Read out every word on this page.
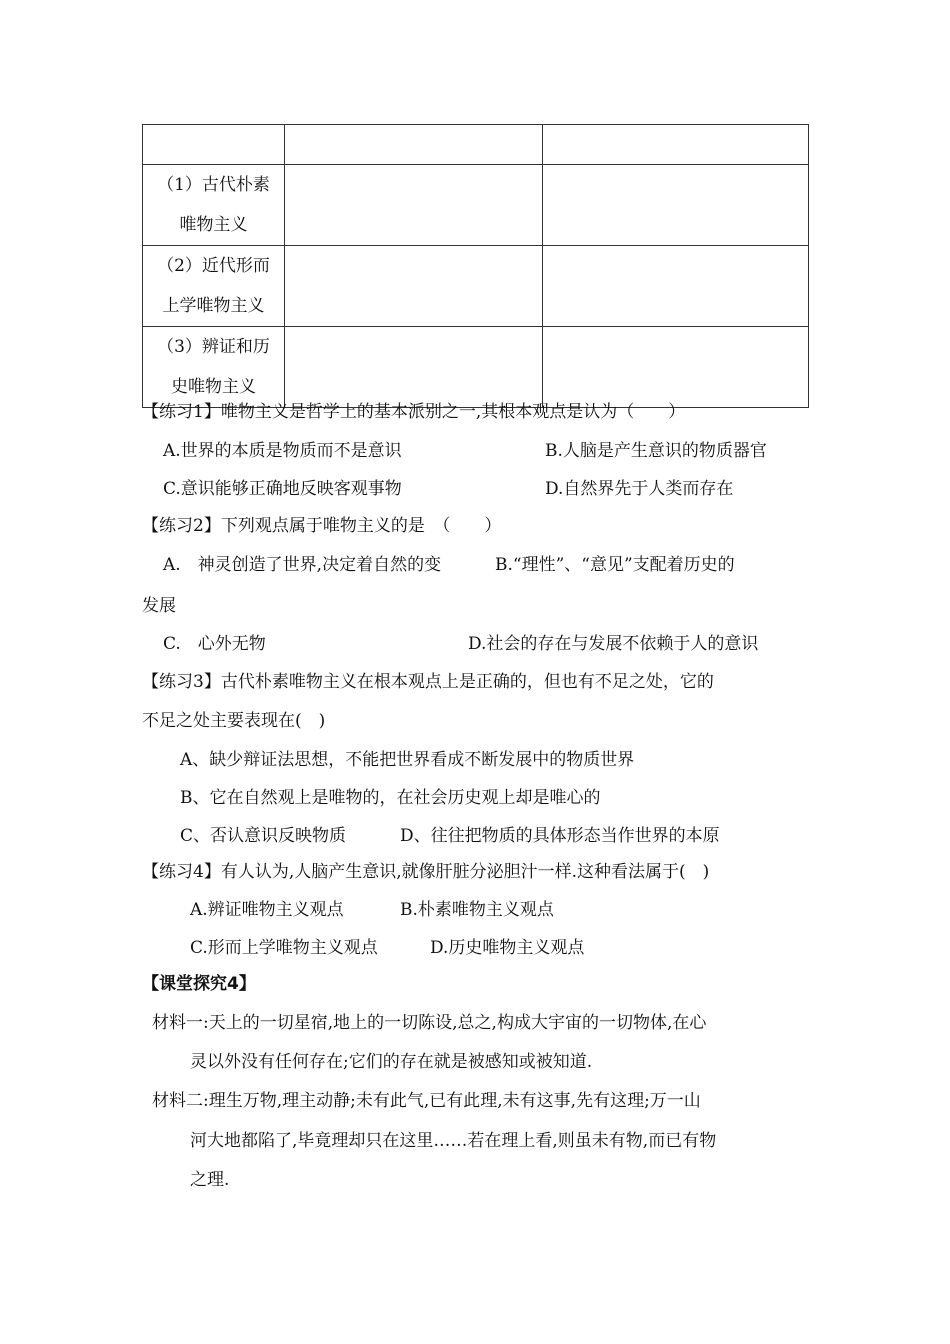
（1）古代朴素
唯物主义		

（2）近代形而
上学唯物主义		

（3）辨证和历
史唯物主义		

【练习1】唯物主义是哲学上的基本派别之一,其根本观点是认为（　　）
A.世界的本质是物质而不是意识	B.人脑是产生意识的物质器官
C.意识能够正确地反映客观事物	D.自然界先于人类而存在
【练习2】下列观点属于唯物主义的是　（　　）
A.　神灵创造了世界,决定着自然的变	B.“理性”、“意见”支配着历史的
发展
C.　心外无物	D.社会的存在与发展不依赖于人的意识
【练习3】古代朴素唯物主义在根本观点上是正确的，但也有不足之处，它的
不足之处主要表现在(　)
A、缺少辩证法思想，不能把世界看成不断发展中的物质世界
B、它在自然观上是唯物的，在社会历史观上却是唯心的
C、否认意识反映物质	D、往往把物质的具体形态当作世界的本原
【练习4】有人认为,人脑产生意识,就像肝脏分泌胆汁一样.这种看法属于(　)
A.辨证唯物主义观点	B.朴素唯物主义观点
C.形而上学唯物主义观点	D.历史唯物主义观点
【课堂探究4】
材料一:天上的一切星宿,地上的一切陈设,总之,构成大宇宙的一切物体,在心
灵以外没有任何存在;它们的存在就是被感知或被知道.
材料二:理生万物,理主动静;未有此气,已有此理,未有这事,先有这理;万一山
河大地都陷了,毕竟理却只在这里……若在理上看,则虽未有物,而已有物
之理.
